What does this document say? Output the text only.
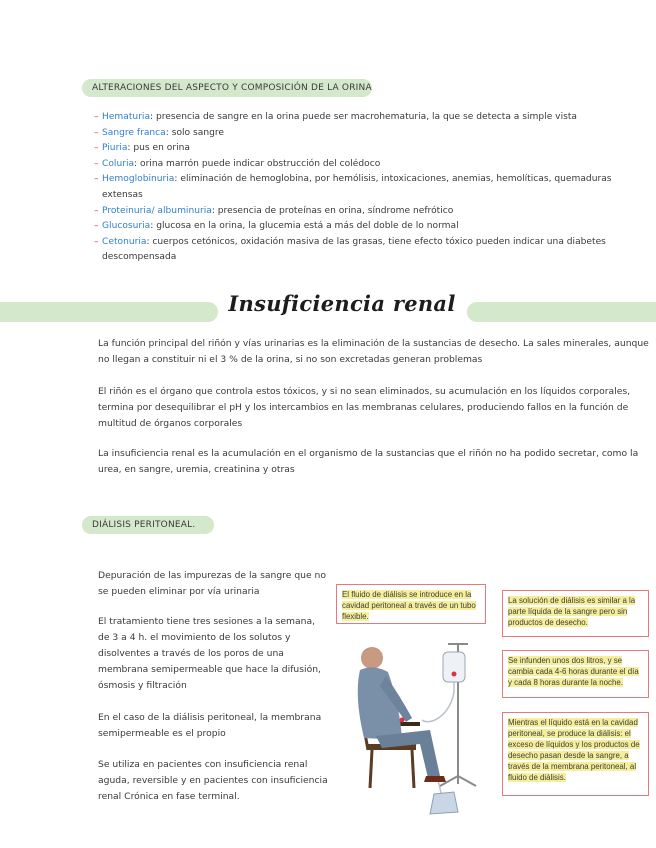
ALTERACIONES DEL ASPECTO Y COMPOSICIÓN DE LA ORINA
– Hematuria: presencia de sangre en la orina puede ser macrohematuria, la que se detecta a simple vista
– Sangre franca: solo sangre
– Piuria: pus en orina
– Coluria: orina marrón puede indicar obstrucción del colédoco
– Hemoglobinuria: eliminación de hemoglobina, por hemólisis, intoxicaciones, anemias, hemolíticas, quemaduras extensas
– Proteinuria/ albuminuria: presencia de proteínas en orina, síndrome nefrótico
– Glucosuria: glucosa en la orina, la glucemia está a más del doble de lo normal
– Cetonuria: cuerpos cetónicos, oxidación masiva de las grasas, tiene efecto tóxico pueden indicar una diabetes descompensada
Insuficiencia renal
La función principal del riñón y vías urinarias es la eliminación de la sustancias de desecho. La sales minerales, aunque no llegan a constituir ni el 3 % de la orina, si no son excretadas generan problemas
El riñón es el órgano que controla estos tóxicos, y si no sean eliminados, su acumulación en los líquidos corporales, termina por desequilibrar el pH y los intercambios en las membranas celulares, produciendo fallos en la función de multitud de órganos corporales
La insuficiencia renal es la acumulación en el organismo de la sustancias que el riñón no ha podido secretar, como la urea, en sangre, uremia, creatinina y otras
DIÁLISIS PERITONEAL.
Depuración de las impurezas de la sangre que no se pueden eliminar por vía urinaria
El tratamiento tiene tres sesiones a la semana, de 3 a 4 h. el movimiento de los solutos y disolventes a través de los poros de una membrana semipermeable que hace la difusión, ósmosis y filtración
En el caso de la diálisis peritoneal, la membrana semipermeable es el propio
Se utiliza en pacientes con insuficiencia renal aguda, reversible y en pacientes con insuficiencia renal Crónica en fase terminal.
El fluido de diálisis se introduce en la cavidad peritoneal a través de un tubo flexible.
La solución de diálisis es similar a la parte líquida de la sangre pero sin productos de desecho.
Se infunden unos dos litros, y se cambia cada 4-6 horas durante el día y cada 8 horas durante la noche.
Mientras el líquido está en la cavidad peritoneal, se produce la diálisis: el exceso de líquidos y los productos de desecho pasan desde la sangre, a través de la membrana peritoneal, al fluido de diálisis.
